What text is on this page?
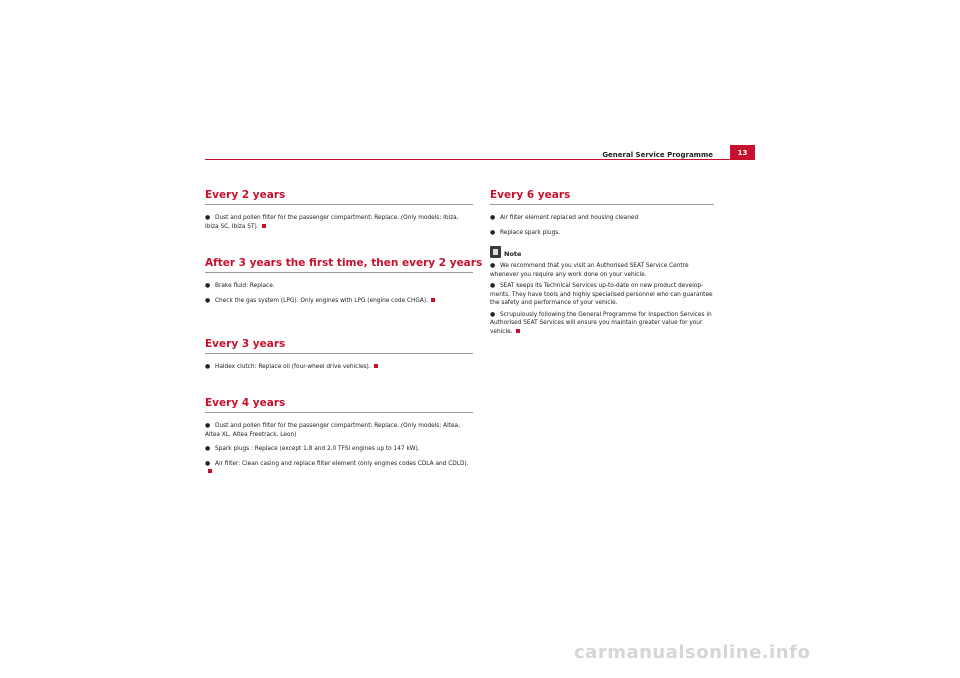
General Service Programme	13
Every 2 years

● Dust and pollen filter for the passenger compartment: Replace. (Only models: Ibiza, Ibiza SC, Ibiza ST).

After 3 years the first time, then every 2 years

● Brake fluid: Replace.

● Check the gas system (LPG). Only engines with LPG (engine code CHGA).

Every 3 years

● Haldex clutch: Replace oil (four-wheel drive vehicles).

Every 4 years

● Dust and pollen filter for the passenger compartment: Replace. (Only models: Altea, Altea XL, Altea Freetrack, Leon)

● Spark plugs : Replace (except 1.8 and 2.0 TFSI engines up to 147 kW).

● Air filter: Clean casing and replace filter element (only engines codes CDLA and CDLD).

Every 6 years

● Air filter element replaced and housing cleaned

● Replace spark plugs.

Note

● We recommend that you visit an Authorised SEAT Service Centre whenever you require any work done on your vehicle.

● SEAT keeps its Technical Services up-to-date on new product develop-ments. They have tools and highly specialised personnel who can guarantee the safety and performance of your vehicle.

● Scrupulously following the General Programme for Inspection Services in Authorised SEAT Services will ensure you maintain greater value for your vehicle.

carmanualsonline.info
